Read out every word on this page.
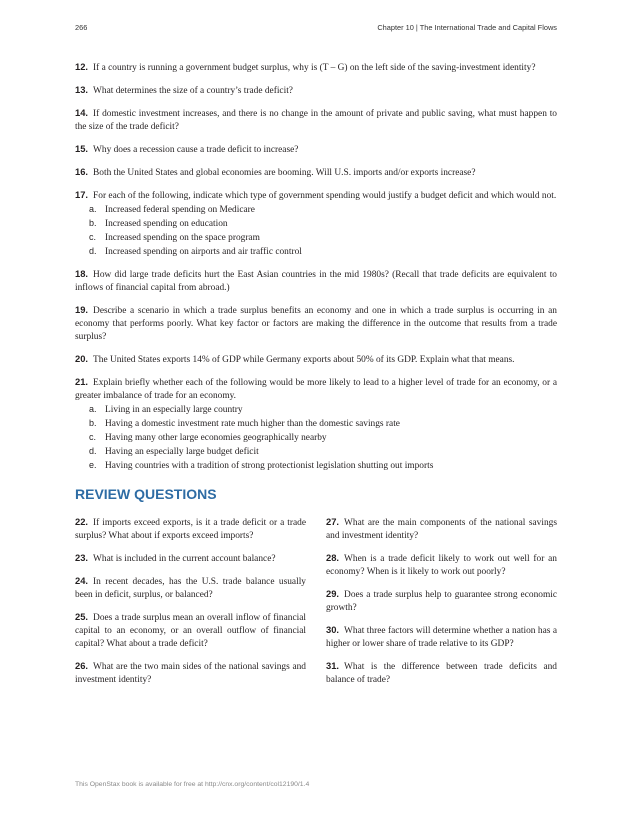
266	Chapter 10 | The International Trade and Capital Flows

12. If a country is running a government budget surplus, why is (T – G) on the left side of the saving-investment identity?

13. What determines the size of a country’s trade deficit?

14. If domestic investment increases, and there is no change in the amount of private and public saving, what must happen to the size of the trade deficit?

15. Why does a recession cause a trade deficit to increase?

16. Both the United States and global economies are booming. Will U.S. imports and/or exports increase?

17. For each of the following, indicate which type of government spending would justify a budget deficit and which would not.
a. Increased federal spending on Medicare
b. Increased spending on education
c. Increased spending on the space program
d. Increased spending on airports and air traffic control

18. How did large trade deficits hurt the East Asian countries in the mid 1980s? (Recall that trade deficits are equivalent to inflows of financial capital from abroad.)

19. Describe a scenario in which a trade surplus benefits an economy and one in which a trade surplus is occurring in an economy that performs poorly. What key factor or factors are making the difference in the outcome that results from a trade surplus?

20. The United States exports 14% of GDP while Germany exports about 50% of its GDP. Explain what that means.

21. Explain briefly whether each of the following would be more likely to lead to a higher level of trade for an economy, or a greater imbalance of trade for an economy.
a. Living in an especially large country
b. Having a domestic investment rate much higher than the domestic savings rate
c. Having many other large economies geographically nearby
d. Having an especially large budget deficit
e. Having countries with a tradition of strong protectionist legislation shutting out imports
REVIEW QUESTIONS

22. If imports exceed exports, is it a trade deficit or a trade surplus? What about if exports exceed imports?

23. What is included in the current account balance?

24. In recent decades, has the U.S. trade balance usually been in deficit, surplus, or balanced?

25. Does a trade surplus mean an overall inflow of financial capital to an economy, or an overall outflow of financial capital? What about a trade deficit?

26. What are the two main sides of the national savings and investment identity?

27. What are the main components of the national savings and investment identity?

28. When is a trade deficit likely to work out well for an economy? When is it likely to work out poorly?

29. Does a trade surplus help to guarantee strong economic growth?

30. What three factors will determine whether a nation has a higher or lower share of trade relative to its GDP?

31. What is the difference between trade deficits and balance of trade?

This OpenStax book is available for free at http://cnx.org/content/col12190/1.4
